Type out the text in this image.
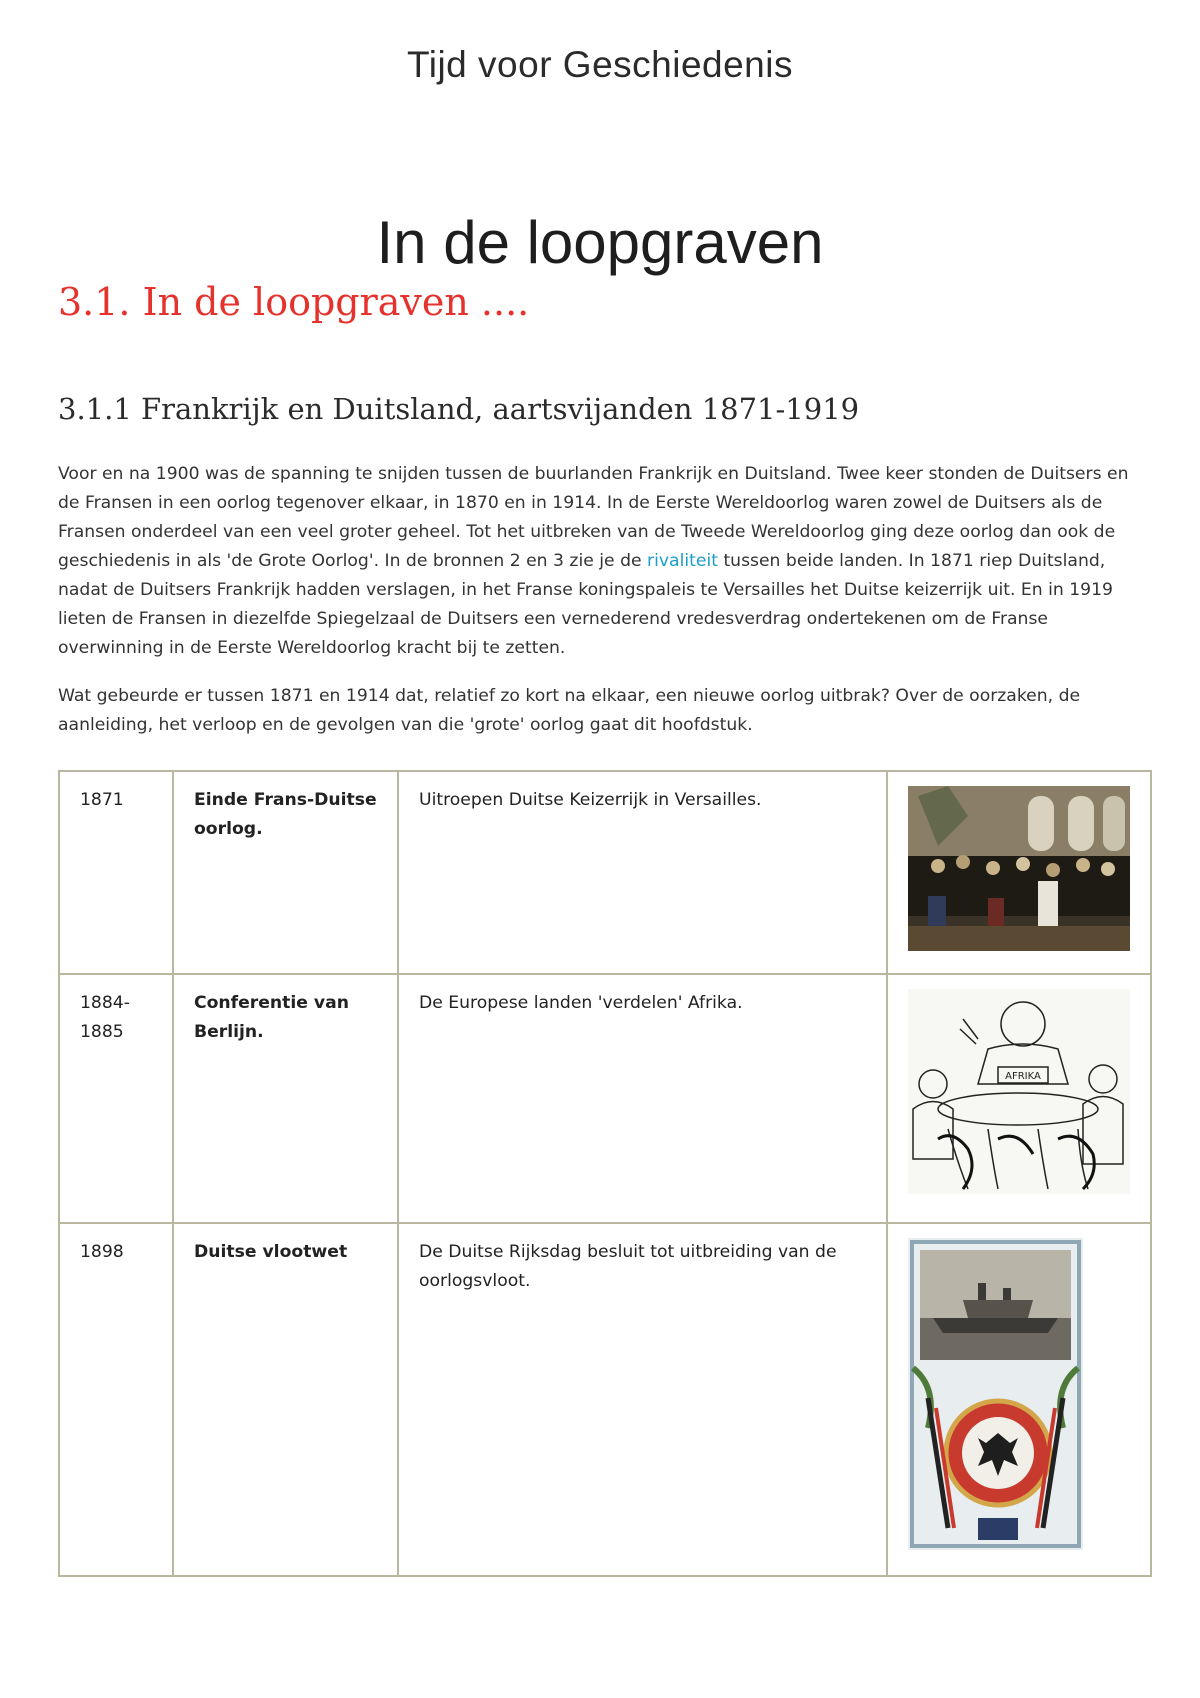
Tijd voor Geschiedenis
In de loopgraven
3.1. In de loopgraven ....
3.1.1 Frankrijk en Duitsland, aartsvijanden 1871-1919

Voor en na 1900 was de spanning te snijden tussen de buurlanden Frankrijk en Duitsland. Twee keer stonden de Duitsers en de Fransen in een oorlog tegenover elkaar, in 1870 en in 1914. In de Eerste Wereldoorlog waren zowel de Duitsers als de Fransen onderdeel van een veel groter geheel. Tot het uitbreken van de Tweede Wereldoorlog ging deze oorlog dan ook de geschiedenis in als 'de Grote Oorlog'. In de bronnen 2 en 3 zie je de rivaliteit tussen beide landen. In 1871 riep Duitsland, nadat de Duitsers Frankrijk hadden verslagen, in het Franse koningspaleis te Versailles het Duitse keizerrijk uit. En in 1919 lieten de Fransen in diezelfde Spiegelzaal de Duitsers een vernederend vredesverdrag ondertekenen om de Franse overwinning in de Eerste Wereldoorlog kracht bij te zetten.

Wat gebeurde er tussen 1871 en 1914 dat, relatief zo kort na elkaar, een nieuwe oorlog uitbrak? Over de oorzaken, de aanleiding, het verloop en de gevolgen van die 'grote' oorlog gaat dit hoofdstuk.

1871	Einde Frans-Duitse oorlog.	Uitroepen Duitse Keizerrijk in Versailles.	

1884-1885	Conferentie van Berlijn.	De Europese landen 'verdelen' Afrika.	AFRIKA

1898	Duitse vlootwet	De Duitse Rijksdag besluit tot uitbreiding van de oorlogsvloot.	
